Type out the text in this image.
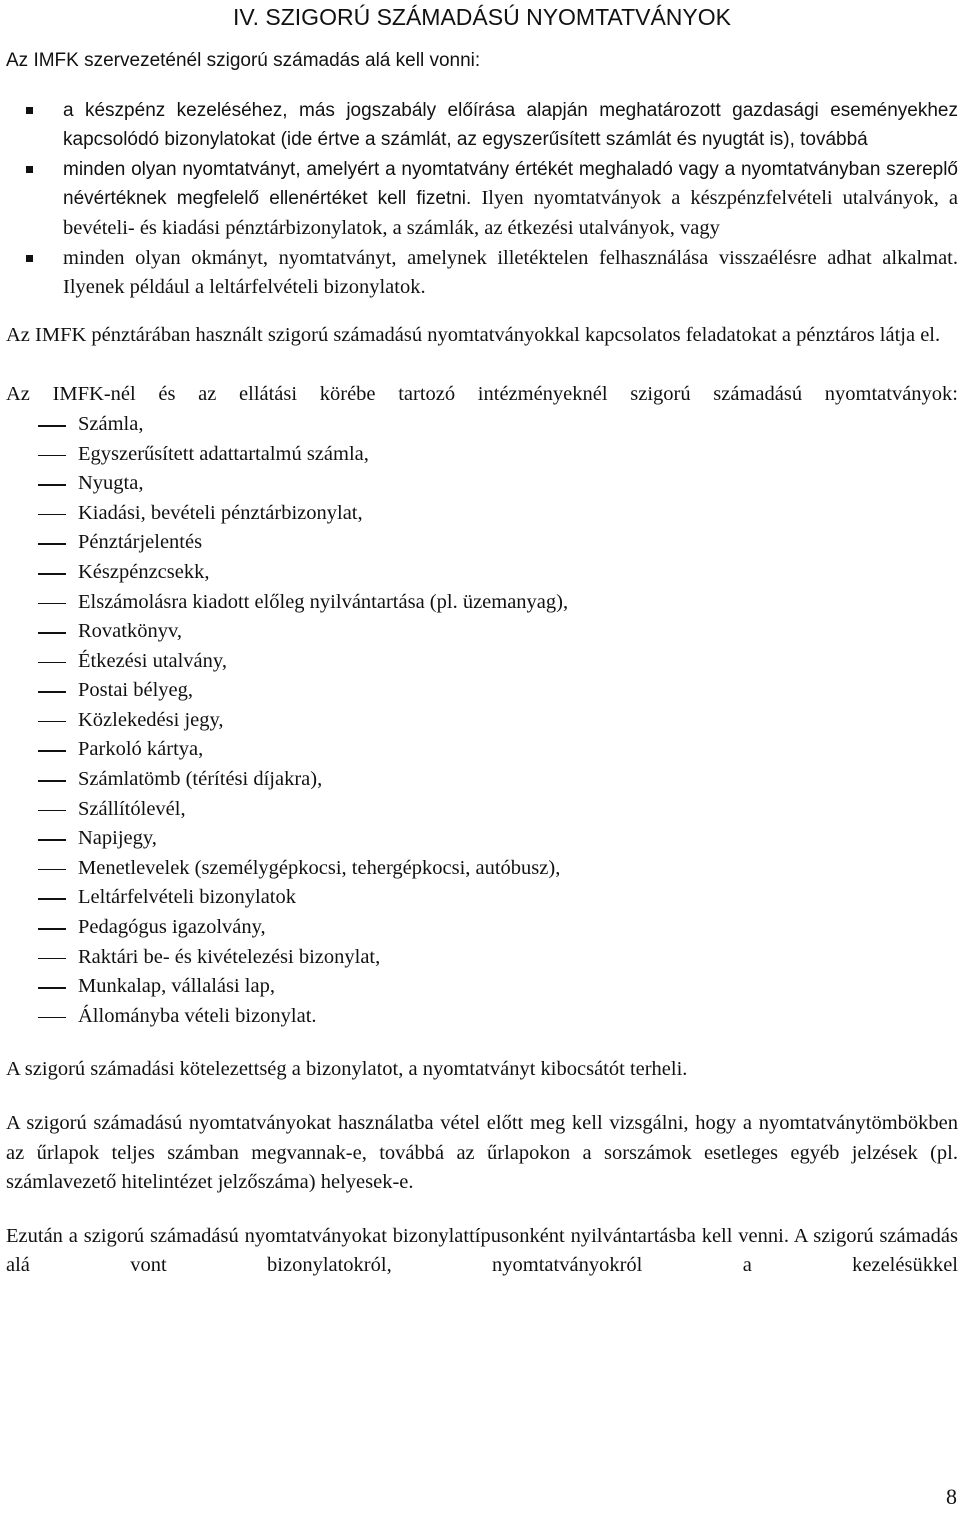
IV. SZIGORÚ SZÁMADÁSÚ NYOMTATVÁNYOK

Az IMFK szervezeténél szigorú számadás alá kell vonni:

a készpénz kezeléséhez, más jogszabály előírása alapján meghatározott gazdasági eseményekhez kapcsolódó bizonylatokat (ide értve a számlát, az egyszerűsített számlát és nyugtát is), továbbá
minden olyan nyomtatványt, amelyért a nyomtatvány értékét meghaladó vagy a nyomtatványban szereplő névértéknek megfelelő ellenértéket kell fizetni. Ilyen nyomtatványok a készpénzfelvételi utalványok, a bevételi- és kiadási pénztárbizonylatok, a számlák, az étkezési utalványok, vagy
minden olyan okmányt, nyomtatványt, amelynek illetéktelen felhasználása visszaélésre adhat alkalmat. Ilyenek például a leltárfelvételi bizonylatok.

Az IMFK pénztárában használt szigorú számadású nyomtatványokkal kapcsolatos feladatokat a pénztáros látja el.

Az IMFK-nél és az ellátási körébe tartozó intézményeknél szigorú számadású nyomtatványok:

Számla,
Egyszerűsített adattartalmú számla,
Nyugta,
Kiadási, bevételi pénztárbizonylat,
Pénztárjelentés
Készpénzcsekk,
Elszámolásra kiadott előleg nyilvántartása (pl. üzemanyag),
Rovatkönyv,
Étkezési utalvány,
Postai bélyeg,
Közlekedési jegy,
Parkoló kártya,
Számlatömb (térítési díjakra),
Szállítólevél,
Napijegy,
Menetlevelek (személygépkocsi, tehergépkocsi, autóbusz),
Leltárfelvételi bizonylatok
Pedagógus igazolvány,
Raktári be- és kivételezési bizonylat,
Munkalap, vállalási lap,
Állományba vételi bizonylat.

A szigorú számadási kötelezettség a bizonylatot, a nyomtatványt kibocsátót terheli.

A szigorú számadású nyomtatványokat használatba vétel előtt meg kell vizsgálni, hogy a nyomtatványtömbökben az űrlapok teljes számban megvannak-e, továbbá az űrlapokon a sorszámok esetleges egyéb jelzések (pl. számlavezető hitelintézet jelzőszáma) helyesek-e.

Ezután a szigorú számadású nyomtatványokat bizonylattípusonként nyilvántartásba kell venni. A szigorú számadás alá vont bizonylatokról, nyomtatványokról a kezelésükkel

8
